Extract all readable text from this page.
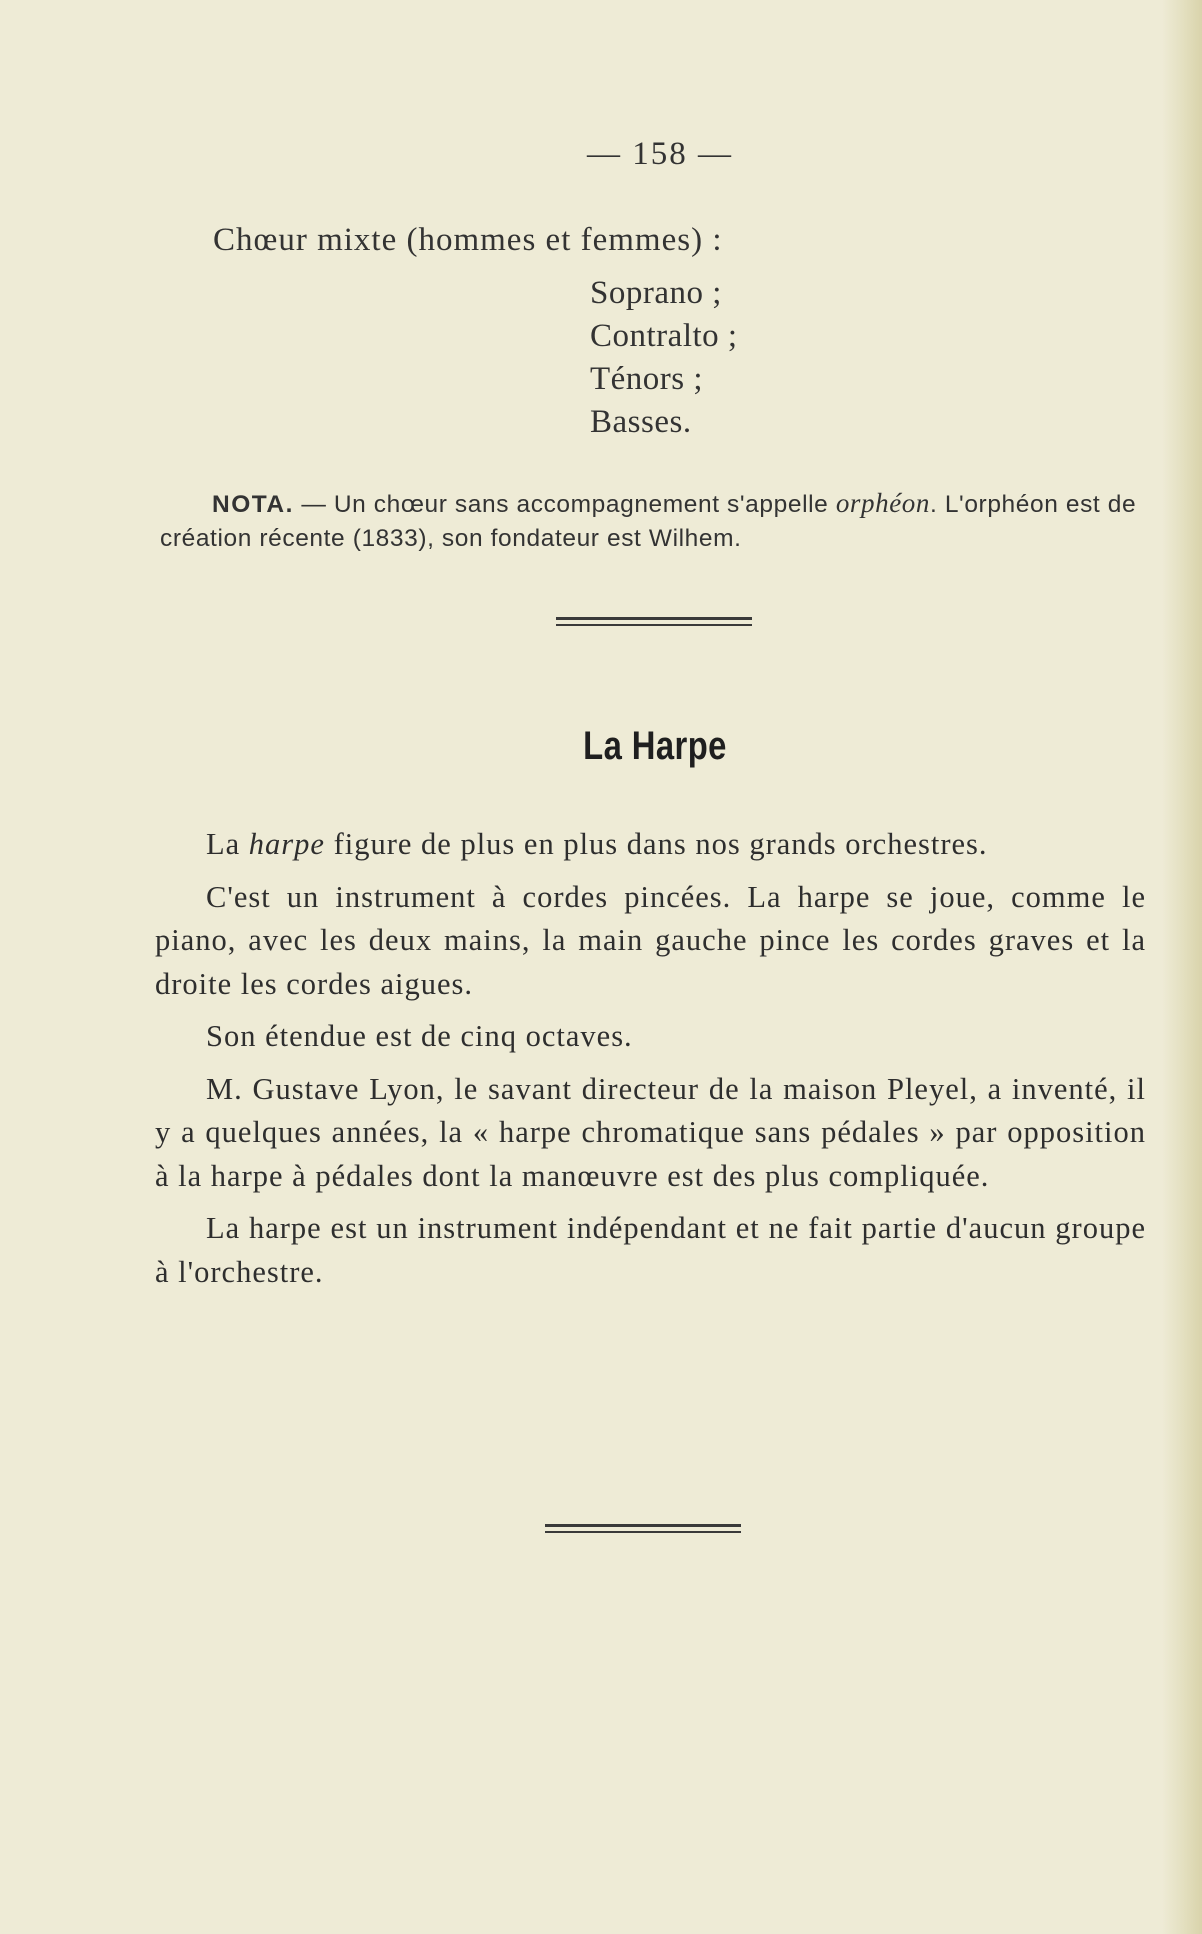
— 158 —
Chœur mixte (hommes et femmes) :
Soprano ;
Contralto ;
Ténors ;
Basses.
NOTA. — Un chœur sans accompagnement s'appelle orphéon. L'orphéon est de création récente (1833), son fondateur est Wilhem.
La Harpe

La harpe figure de plus en plus dans nos grands orchestres.

C'est un instrument à cordes pincées. La harpe se joue, comme le piano, avec les deux mains, la main gauche pince les cordes graves et la droite les cordes aigues.

Son étendue est de cinq octaves.

M. Gustave Lyon, le savant directeur de la maison Pleyel, a inventé, il y a quelques années, la « harpe chromatique sans pédales » par opposition à la harpe à pédales dont la manœuvre est des plus compliquée.

La harpe est un instrument indépendant et ne fait partie d'aucun groupe à l'orchestre.
